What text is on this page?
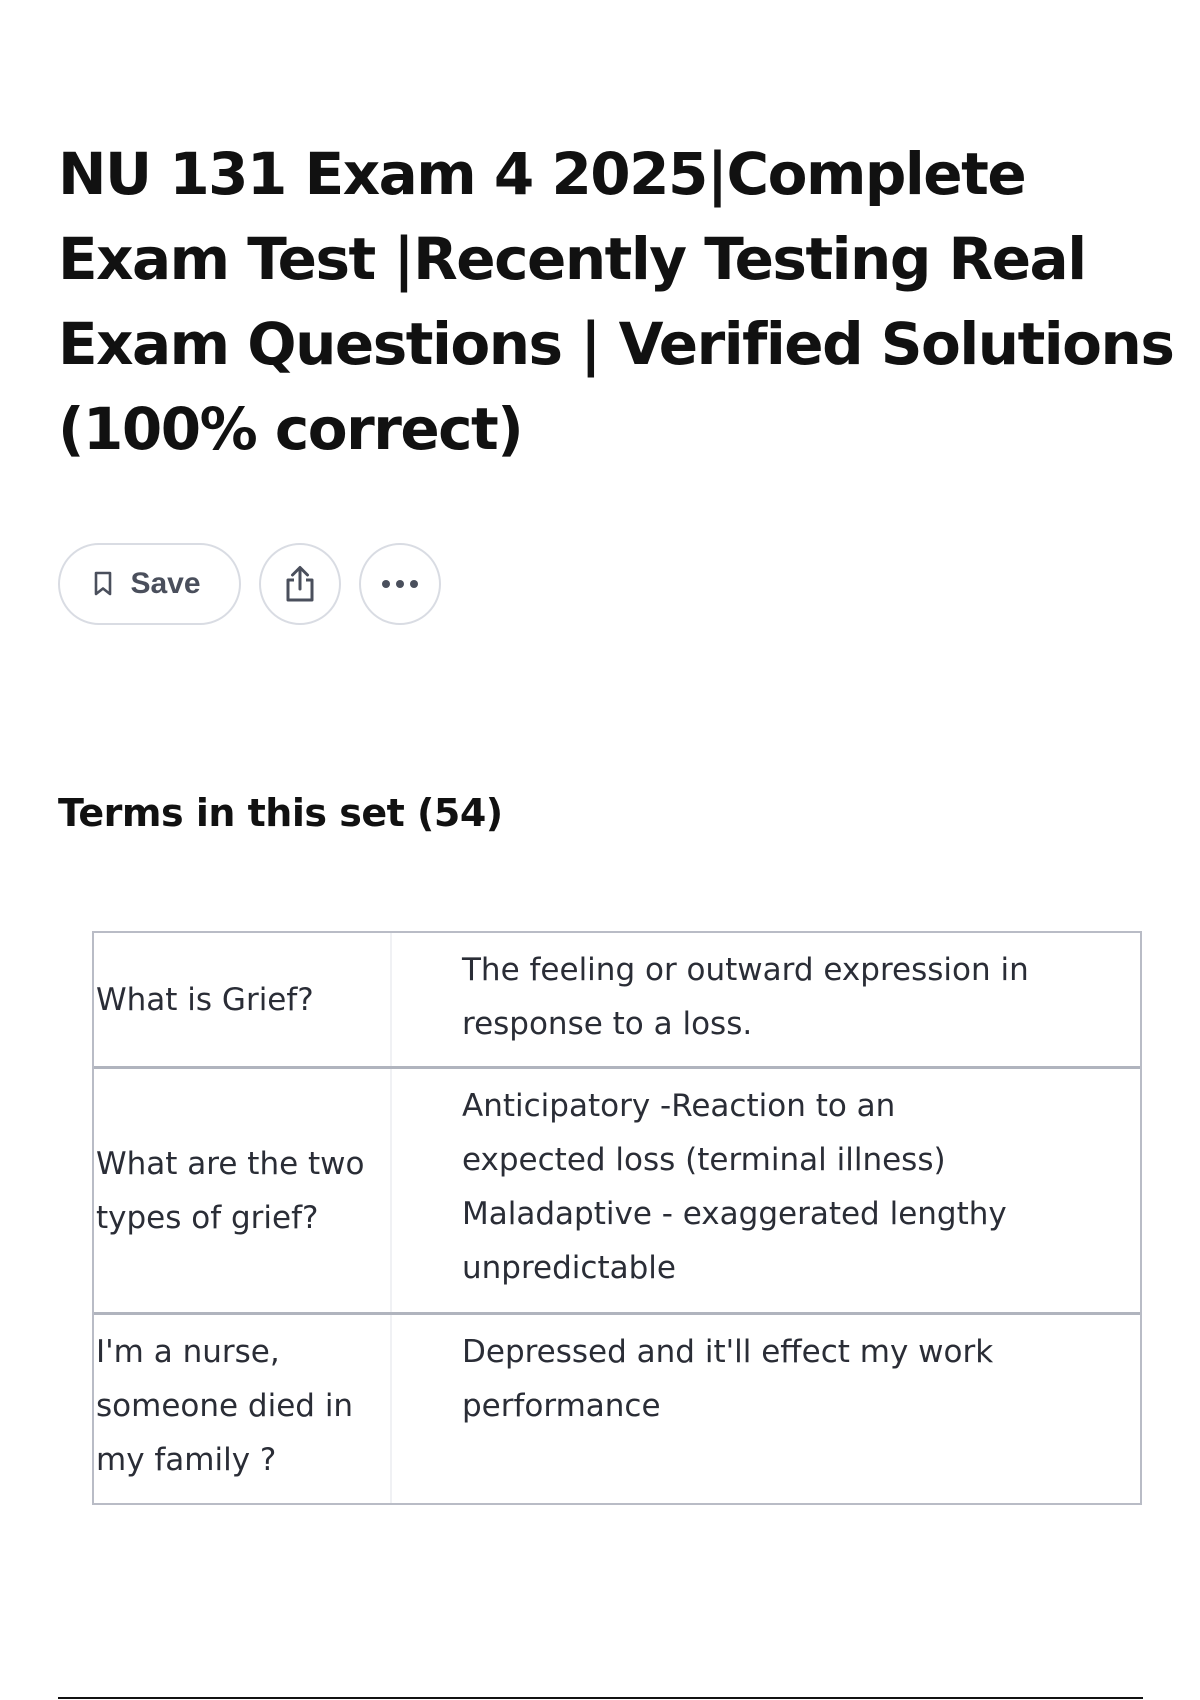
NU 131 Exam 4 2025|Complete Exam Test |Recently Testing Real Exam Questions | Verified Solutions (100% correct)
Save
Terms in this set (54)
What is Grief?
The feeling or outward expression in
response to a loss.
What are the two
types of grief?
Anticipatory -Reaction to an
expected loss (terminal illness)
Maladaptive - exaggerated lengthy
unpredictable
I'm a nurse,
someone died in
my family ?
Depressed and it'll effect my work
performance
